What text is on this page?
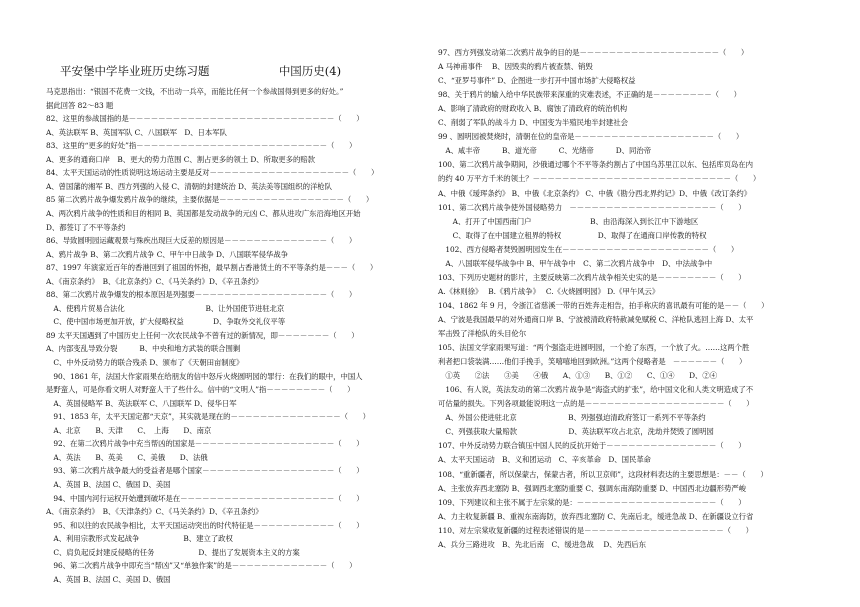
平安堡中学毕业班历史练习题	中国历史(4)
马克思指出：“银国不花费一文钱，不出动一兵卒，而能比任何一个参战国得到更多的好处。”
据此回答 82～83 题
82、这里的参战国指的是－－－－－－－－－－－－－－－－－－－－－－－－－－－－（　　）
A、英法联军 B、英国军队 C、八国联军　D、日本军队
83、这里的“更多的好处”指－－－－－－－－－－－－－－－－－－－－－－－－－－（　　）
A、更多的通商口岸　B、更大的势力范围 C、割占更多的领土 D、所取更多的赔款
84、太平天国运动的性质说明这场运动主要是反对－－－－－－－－－－－－－－－－－－－（　　）
A、曾国藩的湘军 B、西方列强的入侵 C、清朝的封建统治 D、英法美等国组织的洋枪队
85 第二次鸦片战争爆发鸦片战争的继续，主要依据是－－－－－－－－－－－－－－－－－（　　）
A、两次鸦片战争的性质和目的相同 B、英国都是发动战争的元凶 C、都从进攻广东沿海地区开始
D、都签订了不平等条约
86、导致圆明园运藏观景与殊疾出现巨大反差的原因是－－－－－－－－－－－－－－（　　）
A、鸦片战争 B、第二次鸦片战争 C、甲午中日战争 D、八国联军侵华战争
87、1997 年演家近百年的香港回到了祖国的怀抱，最早割占香港赁土的不平等条约是－－－（　　）
A、《南京条约》　B、《北京条约》C、《马关条约》D、《辛丑条约》
88、第二次鸦片战争爆发的根本原因是列强要－－－－－－－－－－－－－－－－－－（　　）
　A、使鸦片贸易合法化　　　　　　　　　　　B、让外国使节进驻北京
　C、使中国市场更加开放，扩大侵略权益　　　　D、争取外交礼仪平等
89 太平天国遇到了中国历史上任何一次农民战争不曾有过的新情况，即－－－－－－－（　　）
A、内部变乱导致分裂　　　B、中央和地方武装的联合围剿
　C、中外反动势力的联合残杀 D、颁布了《天朝田亩制度》
　90、1861 年，法国大作家雨果在给朋友的信中怒斥火烧圆明园的罪行：在我们的眼中，中国人
是野蛮人，可是你看文明人对野蛮人干了些什么。信中的“文明人”指－－－－－－－－（　　）
　A、英国侵略军 B、英法联军 C、八国联军 D、侵华日军
　91、1853 年，太平天国定都“天京”，其实就是现在的－－－－－－－－－－－－－－－（　　）
　A、北京　　B、天津　　C、　上海　　D、南京
　92、在第二次鸦片战争中充当帮凶的国家是－－－－－－－－－－－－－－－－－－－（　　）
　A、英法　　B、英美　　C、美俄　　D、法俄
　93、第二次鸦片战争最大的受益者是哪个国家－－－－－－－－－－－－－－－－－－（　　）
　A、英国 B、法国 C、俄国 D、美国
　94、中国内河行运权开始遭到破坏是在－－－－－－－－－－－－－－－－－－－－－（　　）
A、《南京条约》　B、《天津条约》C、《马关条约》D、《辛丑条约》
　95、和以往的农民战争相比，太平天国运动突出的时代特征是－－－－－－－－－－－（　　）
　A、利用宗教形式发起战争　　　　　　B、建立了政权
　C、肩负起反封建反侵略的任务　　　　　　D、提出了发展资本主义的方案
　96、第二次鸦片战争中即充当“帮凶”又“单独作案”的是－－－－－－－－－－－－－（　　）
　A、英国 B、法国 C、美国 D、俄国
97、西方列强发动第二次鸦片战争的目的是－－－－－－－－－－－－－－－－－－－（　　）
A 马神甫事件　 B、因毁卖的鸦片被查禁、销毁
C、“亚罗号事件” D、企图进一步打开中国市场扩大侵略权益
98、关于鸦片的输入给中华民族带来深重的灾难表述，不正确的是－－－－－－－－（　　）
A、影响了清政府的财政收入 B、腐蚀了清政府的统治机构
C、削弱了军队的战斗力 D、中国变为半殖民地半封建社会
99 、圆明园被焚烧时，清朝在位的皇帝是－－－－－－－－－－－－－－－－－－－（　　）
　A、咸丰帝　　　B、道光帝　　　C、光绪帝　　　D、同治帝
100、第二次鸦片战争期间，沙俄通过哪个不平等条约割占了中国乌苏里江以东、包括库页岛在内
的约 40 万平方千米的领土？－－－－－－－－－－－－－－－－－－－－－－－－－－－（　　）
A、中俄《瑷珲条约》 B、中俄《北京条约》 C、中俄《勘分西北界约记》D、中俄《改订条约》
101、第二次鸦片战争使外国侵略势力　－－－－－－－－－－－－－－－－－－－－（　　）
　　A、打开了中国西南门户　　　　　　　　B、由沿海深入到长江中下游地区
　　C、取得了在中国建立租界的特权　　　　　D、取得了在通商口岸传教的特权
　102、西方侵略者焚毁圆明园发生在－－－－－－－－－－－－－－－－－－－－（　　）
　A、八国联军侵华战争中 B、甲午战争中　C、第二次鸦片战争中　D、中法战争中
103、下列历史题材的影片，主要反映第二次鸦片战争相关史实的是－－－－－－－－（　　）
A.《林则徐》　 B.《鸦片战争》　 C.《火烧圆明园》 D.《甲午风云》
104、1862 年 9 月，令浙江省慈溪一带的百姓奔走相告，拍手称庆的喜讯最有可能的是－－（　　）
A、宁波是我国最早的对外通商口岸 B、宁波被清政府特赦减免赋税 C、洋枪队逃回上海 D、太平
军击毁了洋枪队的头目伦尔
105、法国文学家雨果写道：“两个强盗走进圆明园，一个抢了东西，一个放了火。……这两个胜
利者把口袋装满……他们手挽手，笑嘻嘻地回到欧洲。”这两个侵略者是　－－－－－－（　　）
　①英　　②法　　③美　　④俄　　A、①③　　B、①②　　C、①④　　D、②④
　106、有人说，英法发动的第二次鸦片战争是“海盗式的扩张”，给中国文化和人类文明造成了不
可估量的损失。下列各项最能说明这一点的是－－－－－－－－－－－－－－－－－－－（　　）
　A、外国公使进驻北京　　　　　　　B、列强强迫清政府签订一系列不平等条约
　C、列强获取大量赔款　　　　　　　D、英法联军攻占北京，洗劫并焚毁了圆明园
107、中外反动势力联合镇压中国人民的反抗开始于－－－－－－－－－－－－－－－（　　）
A、太平天国运动　B、义和团运动　C、辛亥革命　D、国民革命
108、“重新疆者，所以保蒙古，保蒙古者，所以卫京师”，这段材料表达的主要思想是：－－（　　）
A、主张放弃西北塞防 B、强调西北塞防重要 C、强调东南海防重要 D、中国西北边疆形势严峻
109、下列建议和主张不属于左宗棠的是：－－－－－－－－－－－－－－－－－－－（　　）
A、力主收复新疆 B、重视东南海防，放弃西北塞防 C、先南后北，缓进急战 D、在新疆设立行省
110、对左宗棠收复新疆的过程表述错误的是－－－－－－－－－－－－－－－－－－－（　　）
A、兵分三路进攻　B、先北后南　C、缓进急战　 D、先西后东
